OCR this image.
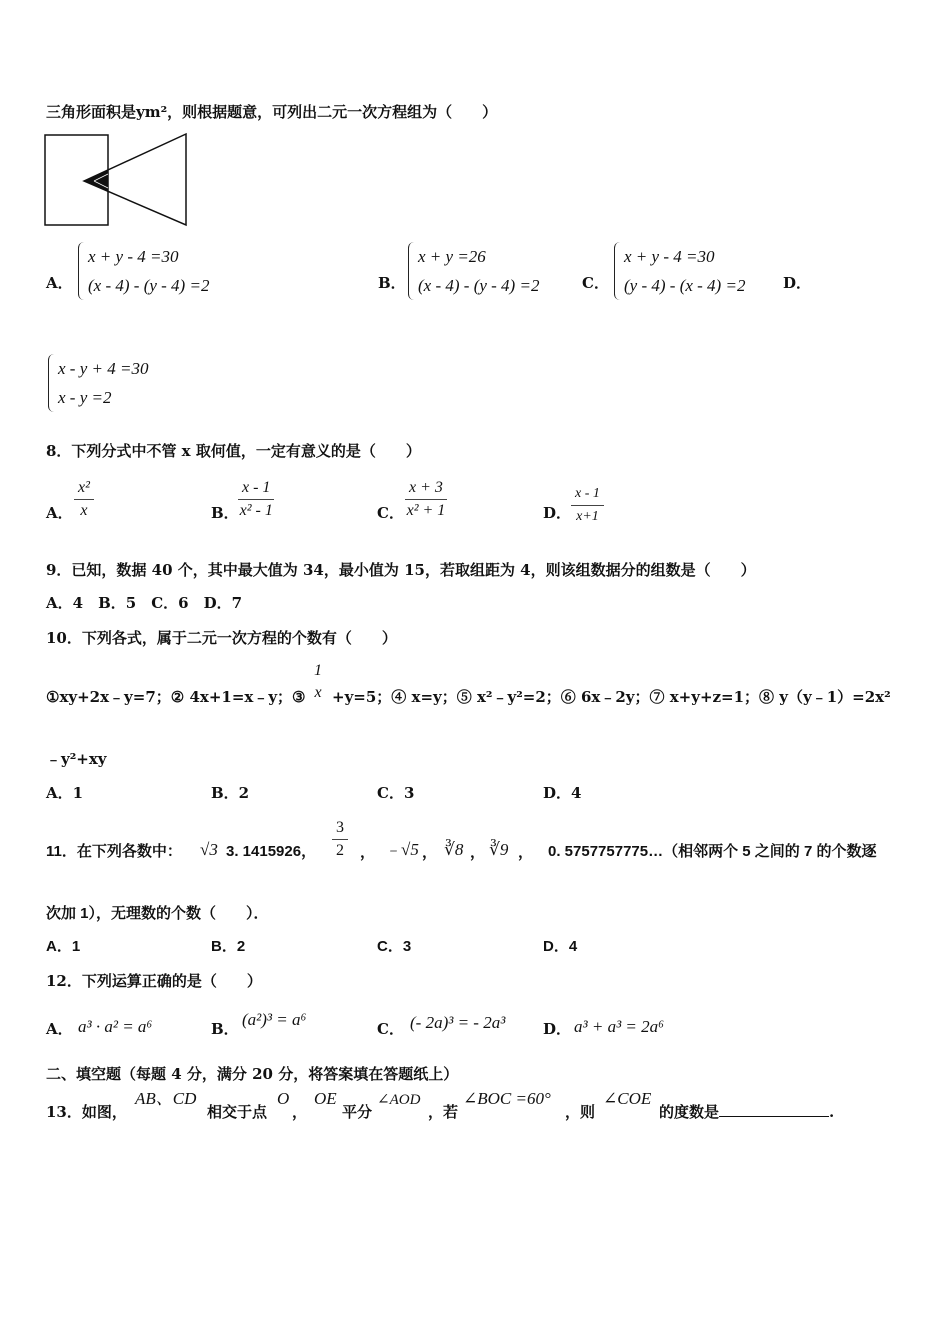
三角形面积是ym²，则根据题意，可列出二元一次方程组为（　　）
A．
x + y - 4 =30
(x - 4) - (y - 4) =2	B．
x + y =26
(x - 4) - (y - 4) =2	C．
x + y - 4 =30
(y - 4) - (x - 4) =2	D．
x - y + 4 =30
x - y =2
8．下列分式中不管 x 取何值，一定有意义的是（　　）
A． $\frac{\text{x²}}{x}$	B． $\frac{x - 1}{\text{x² - 1}}$	C． $\frac{x + 3}{\text{x² + 1}}$	D． $\frac{x - 1}{x+1}$
9．已知，数据 40 个，其中最大值为 34，最小值为 15，若取组距为 4，则该组数据分的组数是（　　）
A．4　B．5　C．6　D．7
10．下列各式，属于二元一次方程的个数有（　　）
①xy+2x﹣y=7；② 4x+1=x﹣y；③
1
x +y=5；④ x=y；⑤ x²﹣y²=2；⑥ 6x﹣2y；⑦ x+y+z=1；⑧ y（y﹣1）=2x²
﹣y²+xy
A．1	B．2	C．3	D．4
11．在下列各数中： √3 3. 1415926， $\frac{3}{2}$ ， ﹣√5 ， ∛8 ， ∛9 ， 0. 5757757775…（相邻两个 5 之间的 7 的个数逐
次加 1），无理数的个数（　　）．
A．1	B．2	C．3	D．4
12．下列运算正确的是（　　）
A． a³ · a² = a⁶	B． (a²)³ = a⁶	C． (- 2a)³ = - 2a³	D． a³ + a³ = 2a⁶
二、填空题（每题 4 分，满分 20 分，将答案填在答题纸上）
13．如图，
AB、CD
相交于点
O
，
OE
平分
∠AOD
，若
∠BOC =60°
，则
∠COE
的度数是	.
